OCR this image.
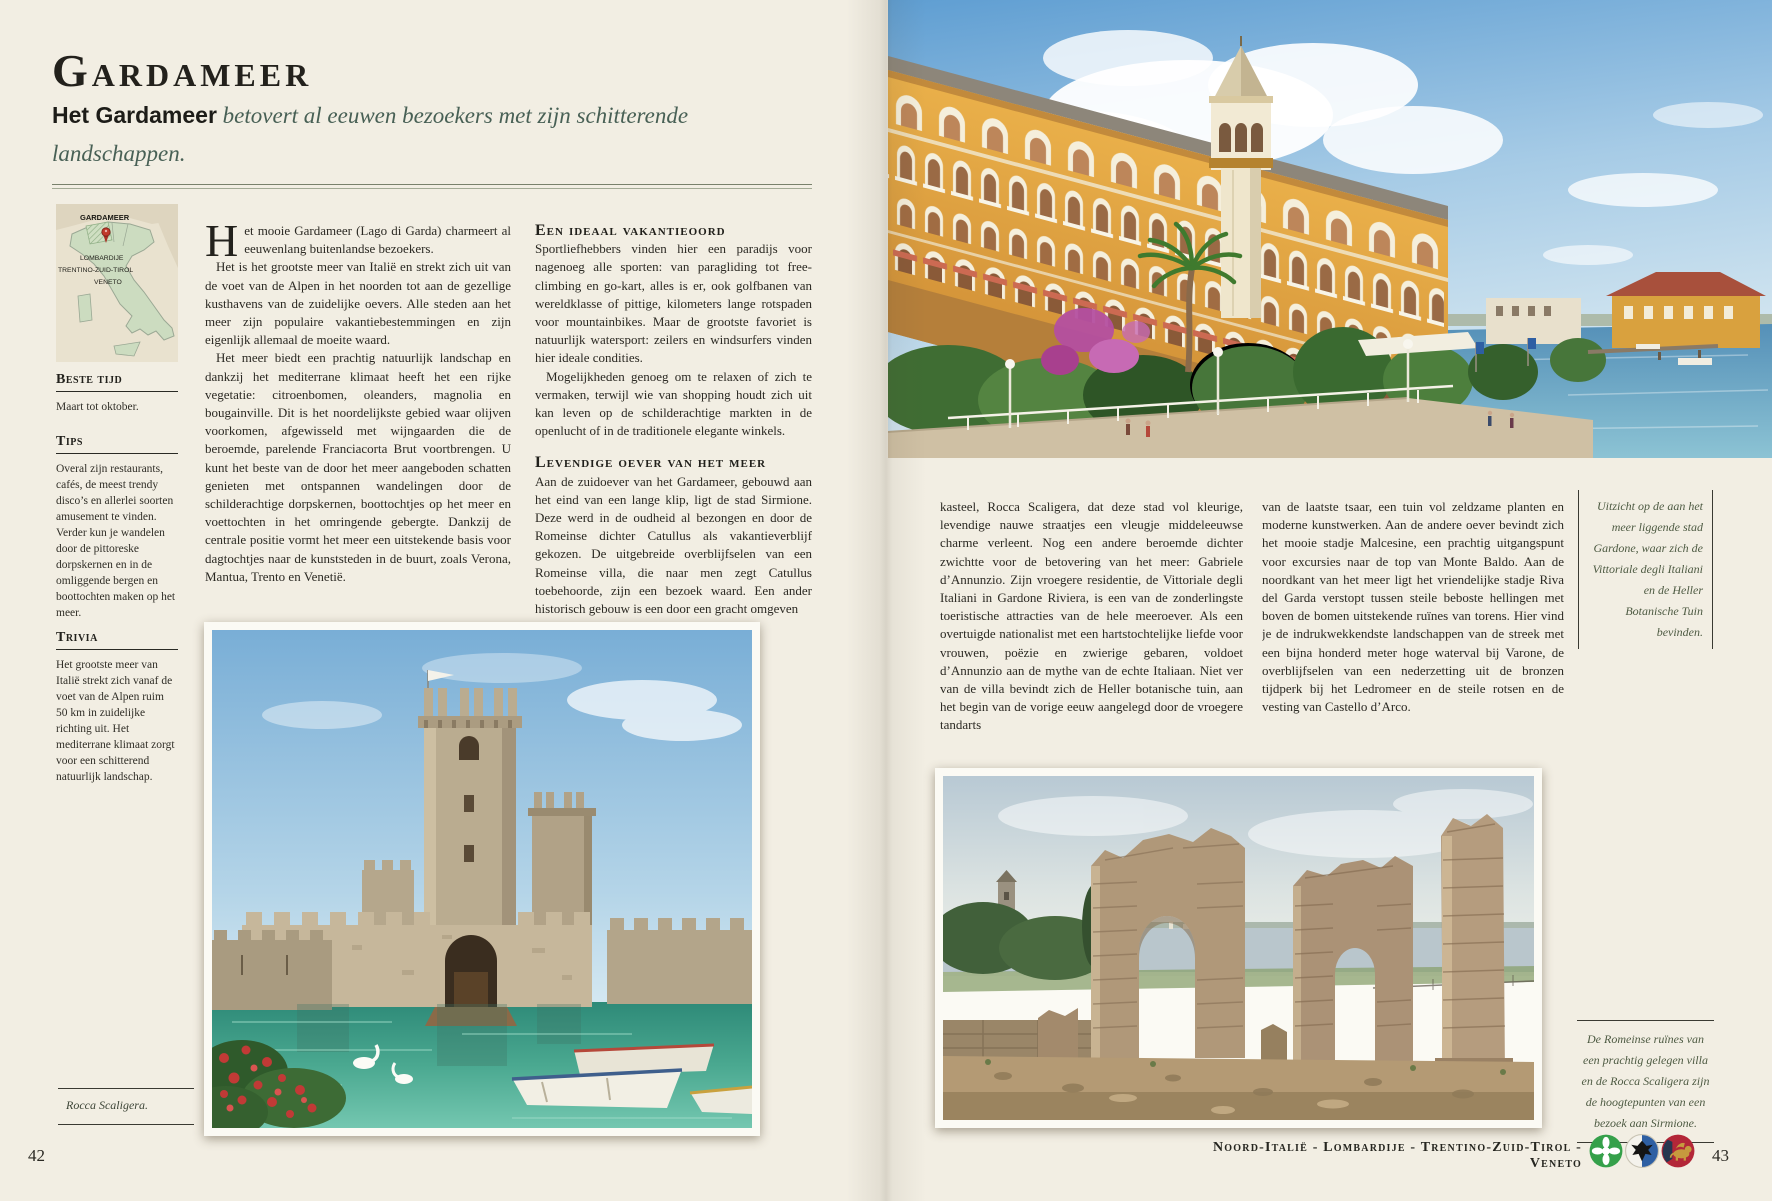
Gardameer
Het Gardameer betovert al eeuwen bezoekers met zijn schitterende landschappen.
GARDAMEER
LOMBARDIJE
TRENTINO-ZUID-TIROL
VENETO
Beste tijd
Maart tot oktober.
Tips
Overal zijn restaurants, cafés, de meest trendy disco’s en allerlei soorten amusement te vinden. Verder kun je wandelen door de pittoreske dorpskernen en in de omliggende bergen en boottochten maken op het meer.
Trivia
Het grootste meer van Italië strekt zich vanaf de voet van de Alpen ruim 50 km in zuidelijke richting uit. Het mediterrane klimaat zorgt voor een schitterend natuurlijk landschap.

Het mooie Gardameer (Lago di Garda) charmeert al eeuwenlang buitenlandse bezoekers.

Het is het grootste meer van Italië en strekt zich uit van de voet van de Alpen in het noorden tot aan de gezellige kusthavens van de zuidelijke oevers. Alle steden aan het meer zijn populaire vakantiebestemmingen en zijn eigenlijk allemaal de moeite waard.

Het meer biedt een prachtig natuurlijk landschap en dankzij het mediterrane klimaat heeft het een rijke vegetatie: citroenbomen, oleanders, magnolia en bougainville. Dit is het noordelijkste gebied waar olijven voorkomen, afgewisseld met wijngaarden die de beroemde, parelende Franciacorta Brut voortbrengen. U kunt het beste van de door het meer aangeboden schatten genieten met ontspannen wandelingen door de schilderachtige dorpskernen, boottochtjes op het meer en voettochten in het omringende gebergte. Dankzij de centrale positie vormt het meer een uitstekende basis voor dagtochtjes naar de kunststeden in de buurt, zoals Verona, Mantua, Trento en Venetië.

Een ideaal vakantieoord

Sportliefhebbers vinden hier een paradijs voor nagenoeg alle sporten: van paragliding tot free-climbing en go-kart, alles is er, ook golfbanen van wereldklasse of pittige, kilometers lange rotspaden voor mountainbikes. Maar de grootste favoriet is natuurlijk watersport: zeilers en windsurfers vinden hier ideale condities.

Mogelijkheden genoeg om te relaxen of zich te vermaken, terwijl wie van shopping houdt zich uit kan leven op de schilderachtige markten in de openlucht of in de traditionele elegante winkels.

Levendige oever van het meer

Aan de zuidoever van het Gardameer, gebouwd aan het eind van een lange klip, ligt de stad Sirmione. Deze werd in de oudheid al bezongen en door de Romeinse dichter Catullus als vakantieverblijf gekozen. De uitgebreide overblijfselen van een Romeinse villa, die naar men zegt Catullus toebehoorde, zijn een bezoek waard. Een ander historisch gebouw is een door een gracht omgeven

Rocca Scaligera.
42

kasteel, Rocca Scaligera, dat deze stad vol kleurige, levendige nauwe straatjes een vleugje middeleeuwse charme verleent. Nog een andere beroemde dichter zwichtte voor de betovering van het meer: Gabriele d’Annunzio. Zijn vroegere residentie, de Vittoriale degli Italiani in Gardone Riviera, is een van de zonderlingste toeristische attracties van de hele meeroever. Als een overtuigde nationalist met een hartstochtelijke liefde voor vrouwen, poëzie en zwierige gebaren, voldoet d’Annunzio aan de mythe van de echte Italiaan. Niet ver van de villa bevindt zich de Heller botanische tuin, aan het begin van de vorige eeuw aangelegd door de vroegere tandarts

van de laatste tsaar, een tuin vol zeldzame planten en moderne kunstwerken. Aan de andere oever bevindt zich het mooie stadje Malcesine, een prachtig uitgangspunt voor excursies naar de top van Monte Baldo. Aan de noordkant van het meer ligt het vriendelijke stadje Riva del Garda verstopt tussen steile beboste hellingen met boven de bomen uitstekende ruïnes van torens. Hier vind je de indrukwekkendste landschappen van de streek met een bijna honderd meter hoge waterval bij Varone, de overblijfselen van een nederzetting uit de bronzen tijdperk bij het Ledromeer en de steile rotsen en de vesting van Castello d’Arco.

Uitzicht op de aan het meer liggende stad Gardone, waar zich de Vittoriale degli Italiani en de Heller Botanische Tuin bevinden.
De Romeinse ruïnes van een prachtig gelegen villa en de Rocca Scaligera zijn de hoogtepunten van een bezoek aan Sirmione.
Noord-Italië - Lombardije - Trentino-Zuid-Tirol - Veneto	43
